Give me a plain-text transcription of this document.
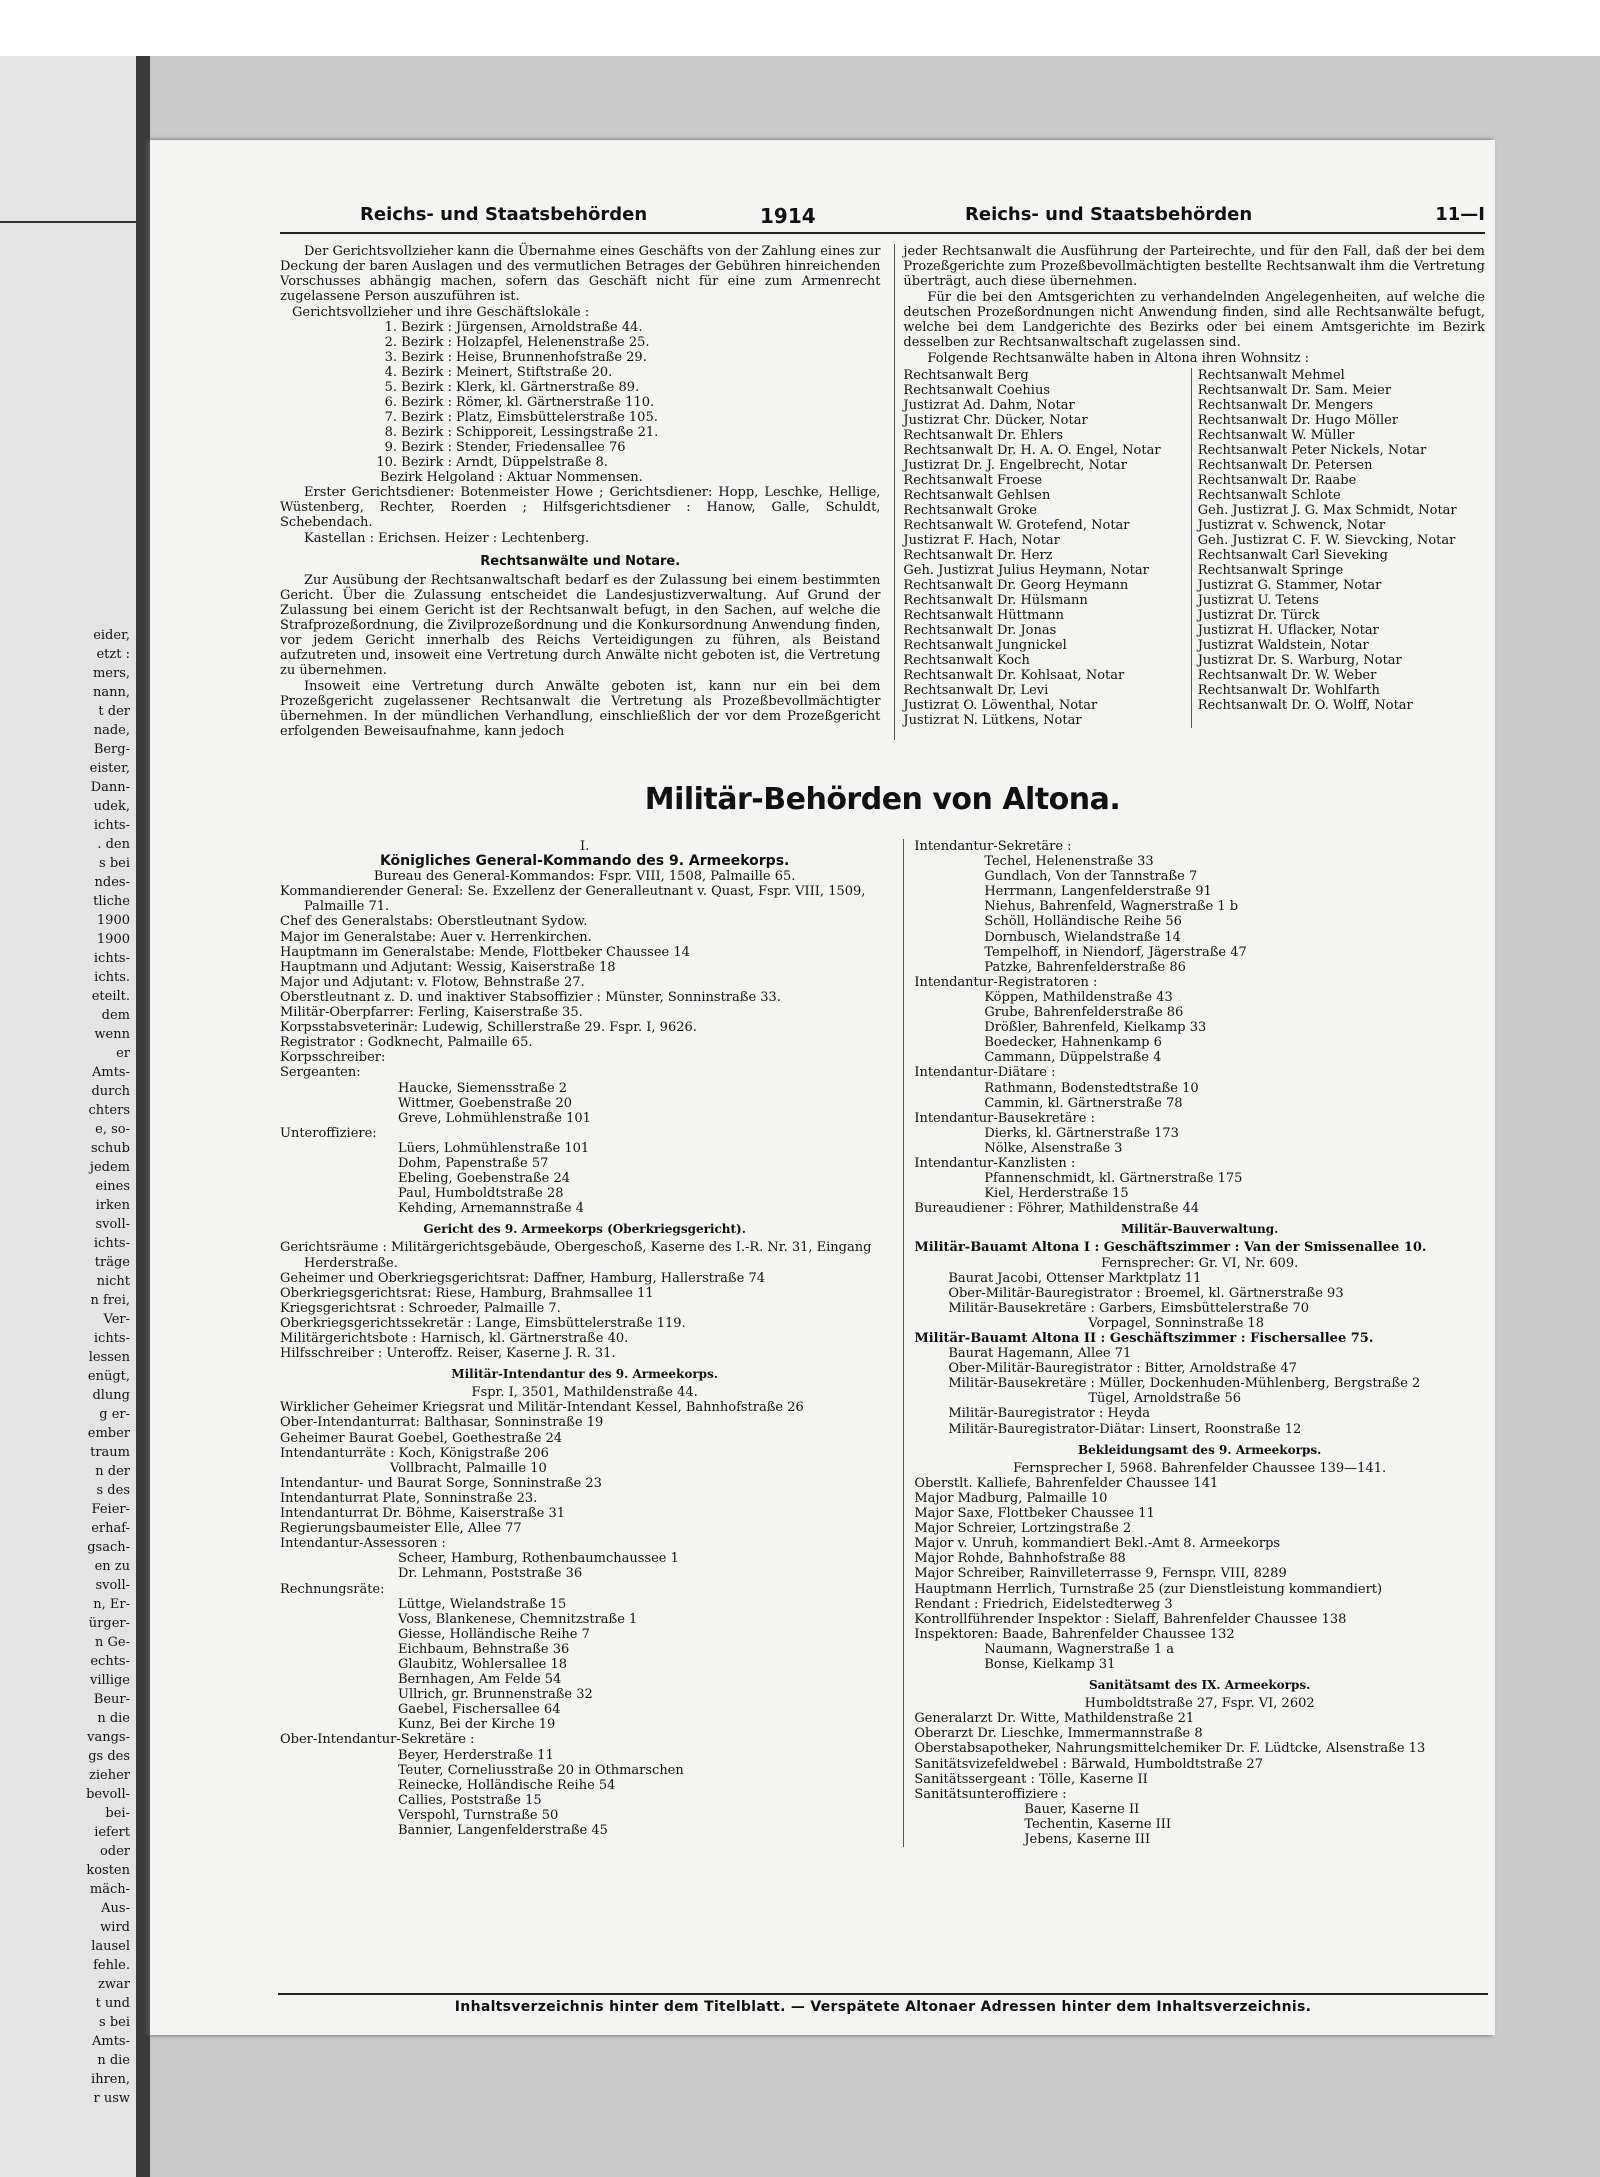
eider,
etzt :
mers,
nann,
t der
nade,
Berg-
eister,
Dann-
udek,
ichts-
. den
s bei
ndes-
tliche
1900
1900
ichts-
ichts.
eteilt.
dem
wenn
er
Amts-
durch
chters
e, so-
schub
jedem
eines
irken
svoll-
ichts-
träge
nicht
n frei,
Ver-
ichts-
lessen
enügt,
dlung
g er-
ember
traum
n der
s des
Feier-
erhaf-
gsach-
en zu
svoll-
n, Er-
ürger-
n Ge-
echts-
villige
Beur-
n die
vangs-
gs des
zieher
bevoll-
bei-
iefert
oder
kosten
mäch-
Aus-
wird
lausel
fehle.
zwar
t und
s bei
Amts-
n die
ihren,
r usw
Reichs- und Staatsbehörden	1914	Reichs- und Staatsbehörden	11—I

Der Gerichtsvollzieher kann die Übernahme eines Geschäfts von der Zahlung eines zur Deckung der baren Auslagen und des vermutlichen Betrages der Gebühren hinreichenden Vorschusses abhängig machen, sofern das Geschäft nicht für eine zum Armenrecht zugelassene Person auszuführen ist.

Gerichtsvollzieher und ihre Geschäftslokale :
1. Bezirk : Jürgensen, Arnoldstraße 44.
2. Bezirk : Holzapfel, Helenenstraße 25.
3. Bezirk : Heise, Brunnenhofstraße 29.
4. Bezirk : Meinert, Stiftstraße 20.
5. Bezirk : Klerk, kl. Gärtnerstraße 89.
6. Bezirk : Römer, kl. Gärtnerstraße 110.
7. Bezirk : Platz, Eimsbüttelerstraße 105.
8. Bezirk : Schipporeit, Lessingstraße 21.
9. Bezirk : Stender, Friedensallee 76
10. Bezirk : Arndt, Düppelstraße 8.
Bezirk Helgoland : Aktuar Nommensen.

Erster Gerichtsdiener: Botenmeister Howe ; Gerichtsdiener: Hopp, Leschke, Hellige, Wüstenberg, Rechter, Roerden ; Hilfsgerichtsdiener : Hanow, Galle, Schuldt, Schebendach.

Kastellan : Erichsen. Heizer : Lechtenberg.
Rechtsanwälte und Notare.

Zur Ausübung der Rechtsanwaltschaft bedarf es der Zulassung bei einem bestimmten Gericht. Über die Zulassung entscheidet die Landesjustizverwaltung. Auf Grund der Zulassung bei einem Gericht ist der Rechtsanwalt befugt, in den Sachen, auf welche die Strafprozeßordnung, die Zivilprozeßordnung und die Konkursordnung Anwendung finden, vor jedem Gericht innerhalb des Reichs Verteidigungen zu führen, als Beistand aufzutreten und, insoweit eine Vertretung durch Anwälte nicht geboten ist, die Vertretung zu übernehmen.

Insoweit eine Vertretung durch Anwälte geboten ist, kann nur ein bei dem Prozeßgericht zugelassener Rechtsanwalt die Vertretung als Prozeßbevollmächtigter übernehmen. In der mündlichen Verhandlung, einschließlich der vor dem Prozeßgericht erfolgenden Beweisaufnahme, kann jedoch

jeder Rechtsanwalt die Ausführung der Parteirechte, und für den Fall, daß der bei dem Prozeßgerichte zum Prozeßbevollmächtigten bestellte Rechtsanwalt ihm die Vertretung überträgt, auch diese übernehmen.

Für die bei den Amtsgerichten zu verhandelnden Angelegenheiten, auf welche die deutschen Prozeßordnungen nicht Anwendung finden, sind alle Rechtsanwälte befugt, welche bei dem Landgerichte des Bezirks oder bei einem Amtsgerichte im Bezirk desselben zur Rechtsanwaltschaft zugelassen sind.

Folgende Rechtsanwälte haben in Altona ihren Wohnsitz :

Rechtsanwalt Berg
Rechtsanwalt Coehius
Justizrat Ad. Dahm, Notar
Justizrat Chr. Dücker, Notar
Rechtsanwalt Dr. Ehlers
Rechtsanwalt Dr. H. A. O. Engel, Notar
Justizrat Dr. J. Engelbrecht, Notar
Rechtsanwalt Froese
Rechtsanwalt Gehlsen
Rechtsanwalt Groke
Rechtsanwalt W. Grotefend, Notar
Justizrat F. Hach, Notar
Rechtsanwalt Dr. Herz
Geh. Justizrat Julius Heymann, Notar
Rechtsanwalt Dr. Georg Heymann
Rechtsanwalt Dr. Hülsmann
Rechtsanwalt Hüttmann
Rechtsanwalt Dr. Jonas
Rechtsanwalt Jungnickel
Rechtsanwalt Koch
Rechtsanwalt Dr. Kohlsaat, Notar
Rechtsanwalt Dr. Levi
Justizrat O. Löwenthal, Notar
Justizrat N. Lütkens, Notar
Rechtsanwalt Mehmel
Rechtsanwalt Dr. Sam. Meier
Rechtsanwalt Dr. Mengers
Rechtsanwalt Dr. Hugo Möller
Rechtsanwalt W. Müller
Rechtsanwalt Peter Nickels, Notar
Rechtsanwalt Dr. Petersen
Rechtsanwalt Dr. Raabe
Rechtsanwalt Schlote
Geh. Justizrat J. G. Max Schmidt, Notar
Justizrat v. Schwenck, Notar
Geh. Justizrat C. F. W. Sievcking, Notar
Rechtsanwalt Carl Sieveking
Rechtsanwalt Springe
Justizrat G. Stammer, Notar
Justizrat U. Tetens
Justizrat Dr. Türck
Justizrat H. Uflacker, Notar
Justizrat Waldstein, Notar
Justizrat Dr. S. Warburg, Notar
Rechtsanwalt Dr. W. Weber
Rechtsanwalt Dr. Wohlfarth
Rechtsanwalt Dr. O. Wolff, Notar
Militär-Behörden von Altona.
I.
Königliches General-Kommando des 9. Armeekorps.
Bureau des General-Kommandos: Fspr. VIII, 1508, Palmaille 65.
Kommandierender General: Se. Exzellenz der Generalleutnant v. Quast, Fspr. VIII, 1509, Palmaille 71.
Chef des Generalstabs: Oberstleutnant Sydow.
Major im Generalstabe: Auer v. Herrenkirchen.
Hauptmann im Generalstabe: Mende, Flottbeker Chaussee 14
Hauptmann und Adjutant: Wessig, Kaiserstraße 18
Major und Adjutant: v. Flotow, Behnstraße 27.
Oberstleutnant z. D. und inaktiver Stabsoffizier : Münster, Sonninstraße 33.
Militär-Oberpfarrer: Ferling, Kaiserstraße 35.
Korpsstabsveterinär: Ludewig, Schillerstraße 29. Fspr. I, 9626.
Registrator : Godknecht, Palmaille 65.
Korpsschreiber:
Sergeanten:
Haucke, Siemensstraße 2
Wittmer, Goebenstraße 20
Greve, Lohmühlenstraße 101
Unteroffiziere:
Lüers, Lohmühlenstraße 101
Dohm, Papenstraße 57
Ebeling, Goebenstraße 24
Paul, Humboldtstraße 28
Kehding, Arnemannstraße 4
Gericht des 9. Armeekorps (Oberkriegsgericht).
Gerichtsräume : Militärgerichtsgebäude, Obergeschoß, Kaserne des I.-R. Nr. 31, Eingang Herderstraße.
Geheimer und Oberkriegsgerichtsrat: Daffner, Hamburg, Hallerstraße 74
Oberkriegsgerichtsrat: Riese, Hamburg, Brahmsallee 11
Kriegsgerichtsrat : Schroeder, Palmaille 7.
Oberkriegsgerichtssekretär : Lange, Eimsbüttelerstraße 119.
Militärgerichtsbote : Harnisch, kl. Gärtnerstraße 40.
Hilfsschreiber : Unteroffz. Reiser, Kaserne J. R. 31.
Militär-Intendantur des 9. Armeekorps.
Fspr. I, 3501, Mathildenstraße 44.
Wirklicher Geheimer Kriegsrat und Militär-Intendant Kessel, Bahnhofstraße 26
Ober-Intendanturrat: Balthasar, Sonninstraße 19
Geheimer Baurat Goebel, Goethestraße 24
Intendanturräte : Koch, Königstraße 206
Vollbracht, Palmaille 10
Intendantur- und Baurat Sorge, Sonninstraße 23
Intendanturrat Plate, Sonninstraße 23.
Intendanturrat Dr. Böhme, Kaiserstraße 31
Regierungsbaumeister Elle, Allee 77
Intendantur-Assessoren :
Scheer, Hamburg, Rothenbaumchaussee 1
Dr. Lehmann, Poststraße 36
Rechnungsräte:
Lüttge, Wielandstraße 15
Voss, Blankenese, Chemnitzstraße 1
Giesse, Holländische Reihe 7
Eichbaum, Behnstraße 36
Glaubitz, Wohlersallee 18
Bernhagen, Am Felde 54
Ullrich, gr. Brunnenstraße 32
Gaebel, Fischersallee 64
Kunz, Bei der Kirche 19
Ober-Intendantur-Sekretäre :
Beyer, Herderstraße 11
Teuter, Corneliusstraße 20 in Othmarschen
Reinecke, Holländische Reihe 54
Callies, Poststraße 15
Verspohl, Turnstraße 50
Bannier, Langenfelderstraße 45
Intendantur-Sekretäre :
Techel, Helenenstraße 33
Gundlach, Von der Tannstraße 7
Herrmann, Langenfelderstraße 91
Niehus, Bahrenfeld, Wagnerstraße 1 b
Schöll, Holländische Reihe 56
Dornbusch, Wielandstraße 14
Tempelhoff, in Niendorf, Jägerstraße 47
Patzke, Bahrenfelderstraße 86
Intendantur-Registratoren :
Köppen, Mathildenstraße 43
Grube, Bahrenfelderstraße 86
Drößler, Bahrenfeld, Kielkamp 33
Boedecker, Hahnenkamp 6
Cammann, Düppelstraße 4
Intendantur-Diätare :
Rathmann, Bodenstedtstraße 10
Cammin, kl. Gärtnerstraße 78
Intendantur-Bausekretäre :
Dierks, kl. Gärtnerstraße 173
Nölke, Alsenstraße 3
Intendantur-Kanzlisten :
Pfannenschmidt, kl. Gärtnerstraße 175
Kiel, Herderstraße 15
Bureaudiener : Föhrer, Mathildenstraße 44
Militär-Bauverwaltung.
Militär-Bauamt Altona I : Geschäftszimmer : Van der Smissenallee 10.
Fernsprecher: Gr. VI, Nr. 609.
Baurat Jacobi, Ottenser Marktplatz 11
Ober-Militär-Bauregistrator : Broemel, kl. Gärtnerstraße 93
Militär-Bausekretäre : Garbers, Eimsbüttelerstraße 70
Vorpagel, Sonninstraße 18
Militär-Bauamt Altona II : Geschäftszimmer : Fischersallee 75.
Baurat Hagemann, Allee 71
Ober-Militär-Bauregistrator : Bitter, Arnoldstraße 47
Militär-Bausekretäre : Müller, Dockenhuden-Mühlenberg, Bergstraße 2
Tügel, Arnoldstraße 56
Militär-Bauregistrator : Heyda
Militär-Bauregistrator-Diätar: Linsert, Roonstraße 12
Bekleidungsamt des 9. Armeekorps.
Fernsprecher I, 5968. Bahrenfelder Chaussee 139—141.
Oberstlt. Kalliefe, Bahrenfelder Chaussee 141
Major Madburg, Palmaille 10
Major Saxe, Flottbeker Chaussee 11
Major Schreier, Lortzingstraße 2
Major v. Unruh, kommandiert Bekl.-Amt 8. Armeekorps
Major Rohde, Bahnhofstraße 88
Major Schreiber, Rainvilleterrasse 9, Fernspr. VIII, 8289
Hauptmann Herrlich, Turnstraße 25 (zur Dienstleistung kommandiert)
Rendant : Friedrich, Eidelstedterweg 3
Kontrollführender Inspektor : Sielaff, Bahrenfelder Chaussee 138
Inspektoren: Baade, Bahrenfelder Chaussee 132
Naumann, Wagnerstraße 1 a
Bonse, Kielkamp 31
Sanitätsamt des IX. Armeekorps.
Humboldtstraße 27, Fspr. VI, 2602
Generalarzt Dr. Witte, Mathildenstraße 21
Oberarzt Dr. Lieschke, Immermannstraße 8
Oberstabsapotheker, Nahrungsmittelchemiker Dr. F. Lüdtcke, Alsenstraße 13
Sanitätsvizefeldwebel : Bärwald, Humboldtstraße 27
Sanitätssergeant : Tölle, Kaserne II
Sanitätsunteroffiziere :
Bauer, Kaserne II
Techentin, Kaserne III
Jebens, Kaserne III
Inhaltsverzeichnis hinter dem Titelblatt. — Verspätete Altonaer Adressen hinter dem Inhaltsverzeichnis.
